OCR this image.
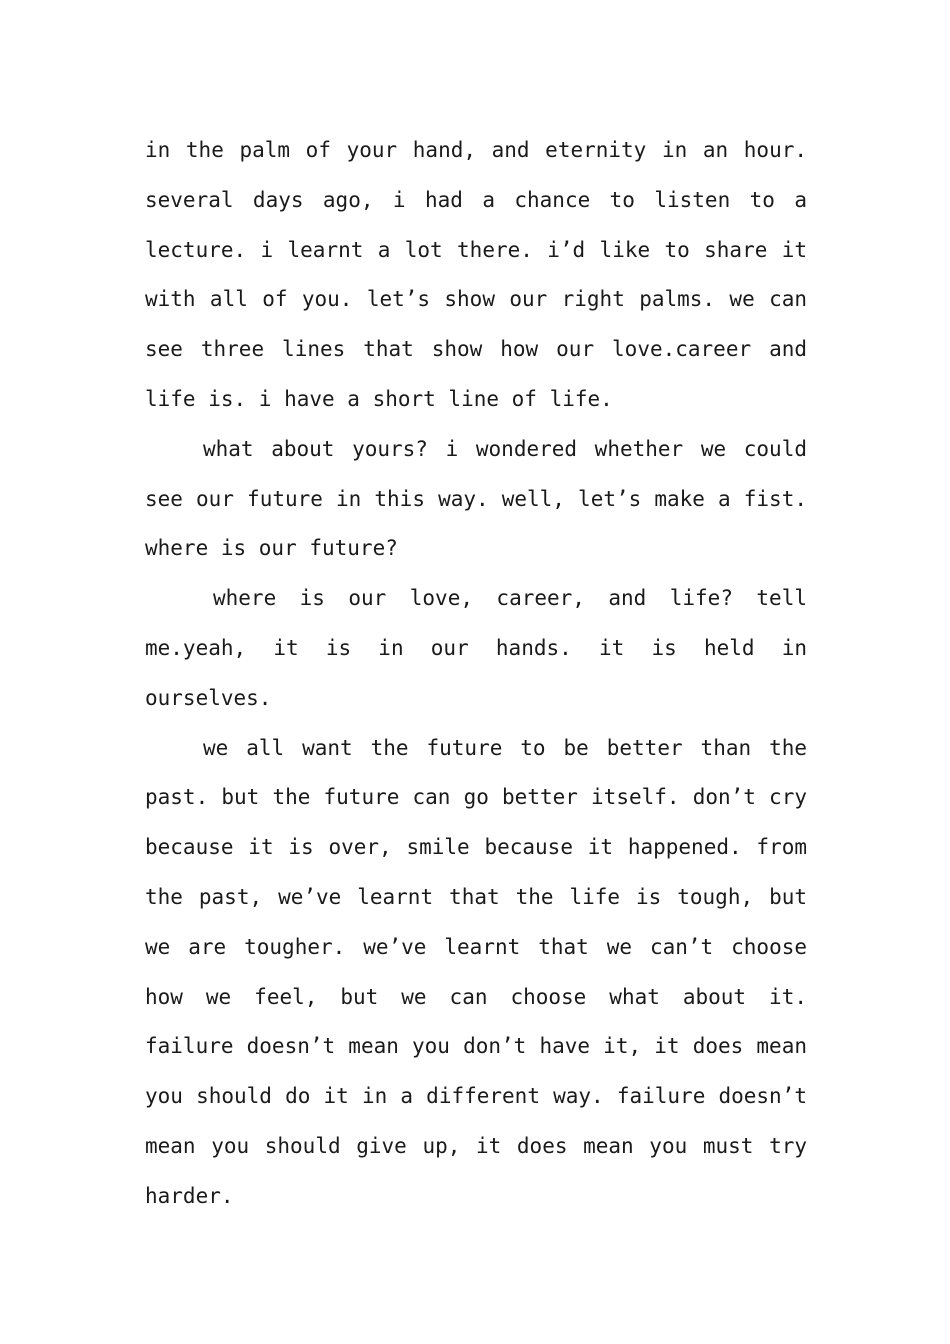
in the palm of your hand, and eternity in an hour. several days ago, i had a chance to listen to a lecture. i learnt a lot there. i’d like to share it with all of you. let’s show our right palms. we can see three lines that show how our love.career and life is. i have a short line of life.

what about yours? i wondered whether we could see our future in this way. well, let’s make a fist. where is our future?

where is our love, career, and life? tell me.yeah, it is in our hands. it is held in ourselves.

we all want the future to be better than the past. but the future can go better itself. don’t cry because it is over, smile because it happened. from the past, we’ve learnt that the life is tough, but we are tougher. we’ve learnt that we can’t choose how we feel, but we can choose what about it. failure doesn’t mean you don’t have it, it does mean you should do it in a different way. failure doesn’t mean you should give up, it does mean you must try harder.
